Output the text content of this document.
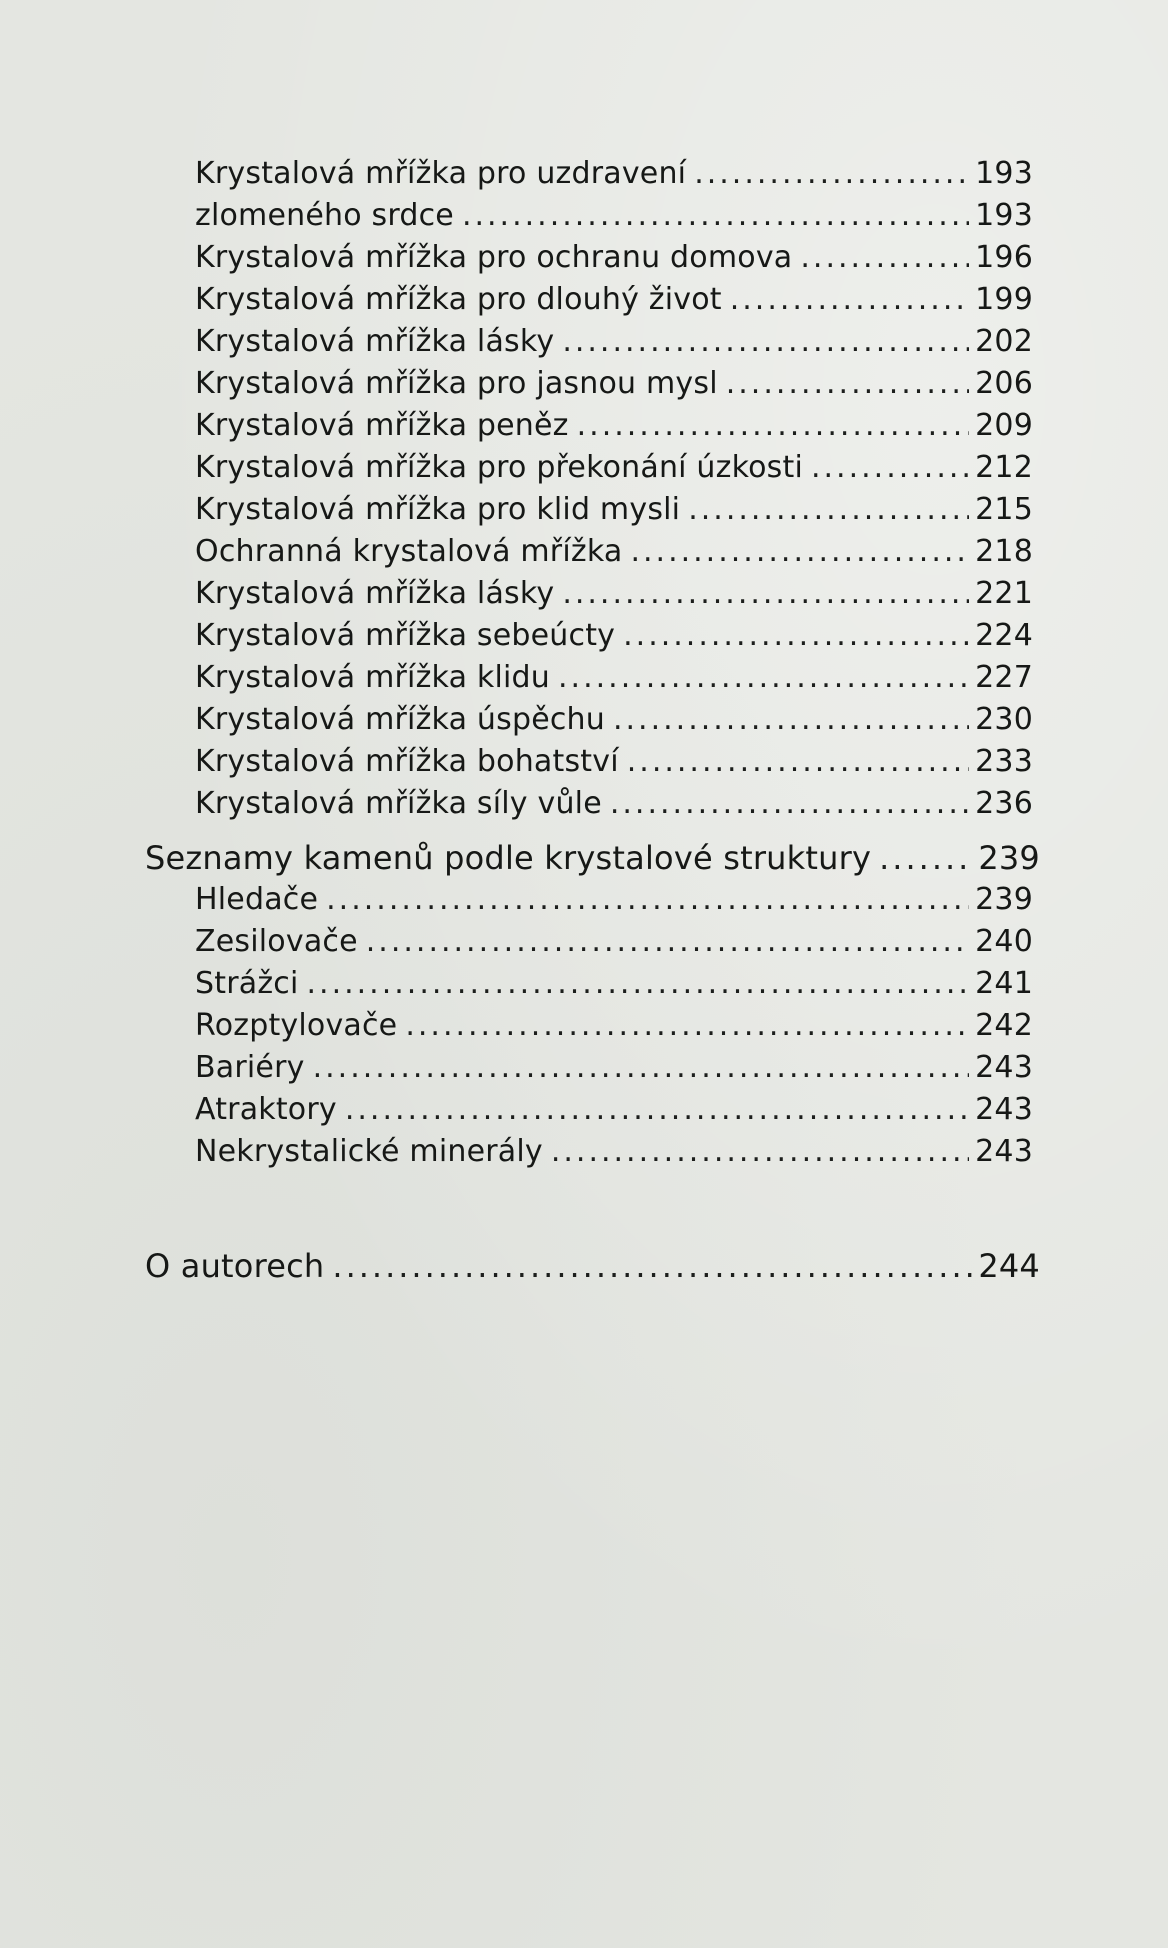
Krystalová mřížka pro uzdravení .....	193
zlomeného srdce .....	193
Krystalová mřížka pro ochranu domova .....	196
Krystalová mřížka pro dlouhý život .....	199
Krystalová mřížka lásky .....	202
Krystalová mřížka pro jasnou mysl .....	206
Krystalová mřížka peněz .....	209
Krystalová mřížka pro překonání úzkosti .....	212
Krystalová mřížka pro klid mysli .....	215
Ochranná krystalová mřížka .....	218
Krystalová mřížka lásky .....	221
Krystalová mřížka sebeúcty .....	224
Krystalová mřížka klidu .....	227
Krystalová mřížka úspěchu .....	230
Krystalová mřížka bohatství .....	233
Krystalová mřížka síly vůle .....	236
Seznamy kamenů podle krystalové struktury .....	239
Hledače .....	239
Zesilovače .....	240
Strážci .....	241
Rozptylovače .....	242
Bariéry .....	243
Atraktory .....	243
Nekrystalické minerály .....	243
O autorech .....	244
